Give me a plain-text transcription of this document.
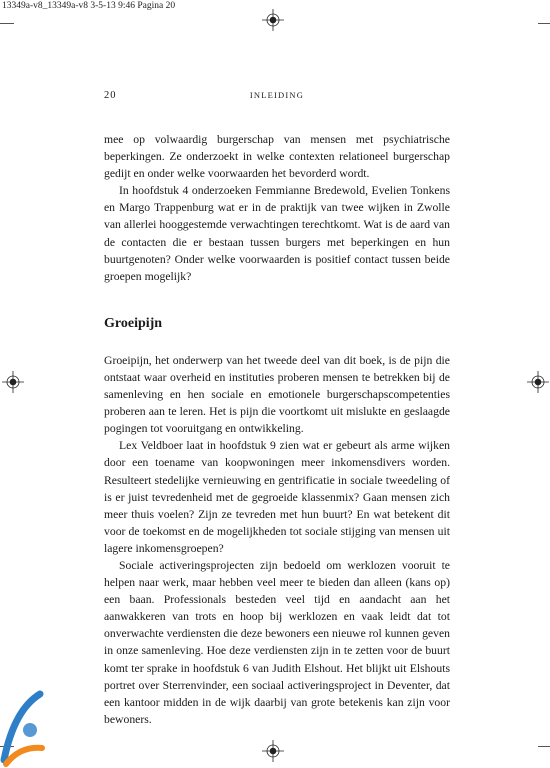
13349a-v8_13349a-v8 3-5-13 9:46 Pagina 20
20	INLEIDING

mee op volwaardig burgerschap van mensen met psychiatrische beperkingen. Ze onderzoekt in welke contexten relationeel burgerschap gedijt en onder welke voorwaarden het bevorderd wordt.

In hoofdstuk 4 onderzoeken Femmianne Bredewold, Evelien Tonkens en Margo Trappenburg wat er in de praktijk van twee wijken in Zwolle van allerlei hooggestemde verwachtingen terechtkomt. Wat is de aard van de contacten die er bestaan tussen burgers met beperkingen en hun buurtgenoten? Onder welke voorwaarden is positief contact tussen beide groepen mogelijk?

Groeipijn

Groeipijn, het onderwerp van het tweede deel van dit boek, is de pijn die ontstaat waar overheid en instituties proberen mensen te betrekken bij de samenleving en hen sociale en emotionele burgerschapscompetenties proberen aan te leren. Het is pijn die voortkomt uit mislukte en geslaagde pogingen tot vooruitgang en ontwikkeling.

Lex Veldboer laat in hoofdstuk 9 zien wat er gebeurt als arme wijken door een toename van koopwoningen meer inkomensdivers worden. Resulteert stedelijke vernieuwing en gentrificatie in sociale tweedeling of is er juist tevredenheid met de gegroeide klassenmix? Gaan mensen zich meer thuis voelen? Zijn ze tevreden met hun buurt? En wat betekent dit voor de toekomst en de mogelijkheden tot sociale stijging van mensen uit lagere inkomensgroepen?

Sociale activeringsprojecten zijn bedoeld om werklozen vooruit te helpen naar werk, maar hebben veel meer te bieden dan alleen (kans op) een baan. Professionals besteden veel tijd en aandacht aan het aanwakkeren van trots en hoop bij werklozen en vaak leidt dat tot onverwachte verdiensten die deze bewoners een nieuwe rol kunnen geven in onze samenleving. Hoe deze verdiensten zijn in te zetten voor de buurt komt ter sprake in hoofdstuk 6 van Judith Elshout. Het blijkt uit Elshouts portret over Sterrenvinder, een sociaal activeringsproject in Deventer, dat een kantoor midden in de wijk daarbij van grote betekenis kan zijn voor bewoners.
